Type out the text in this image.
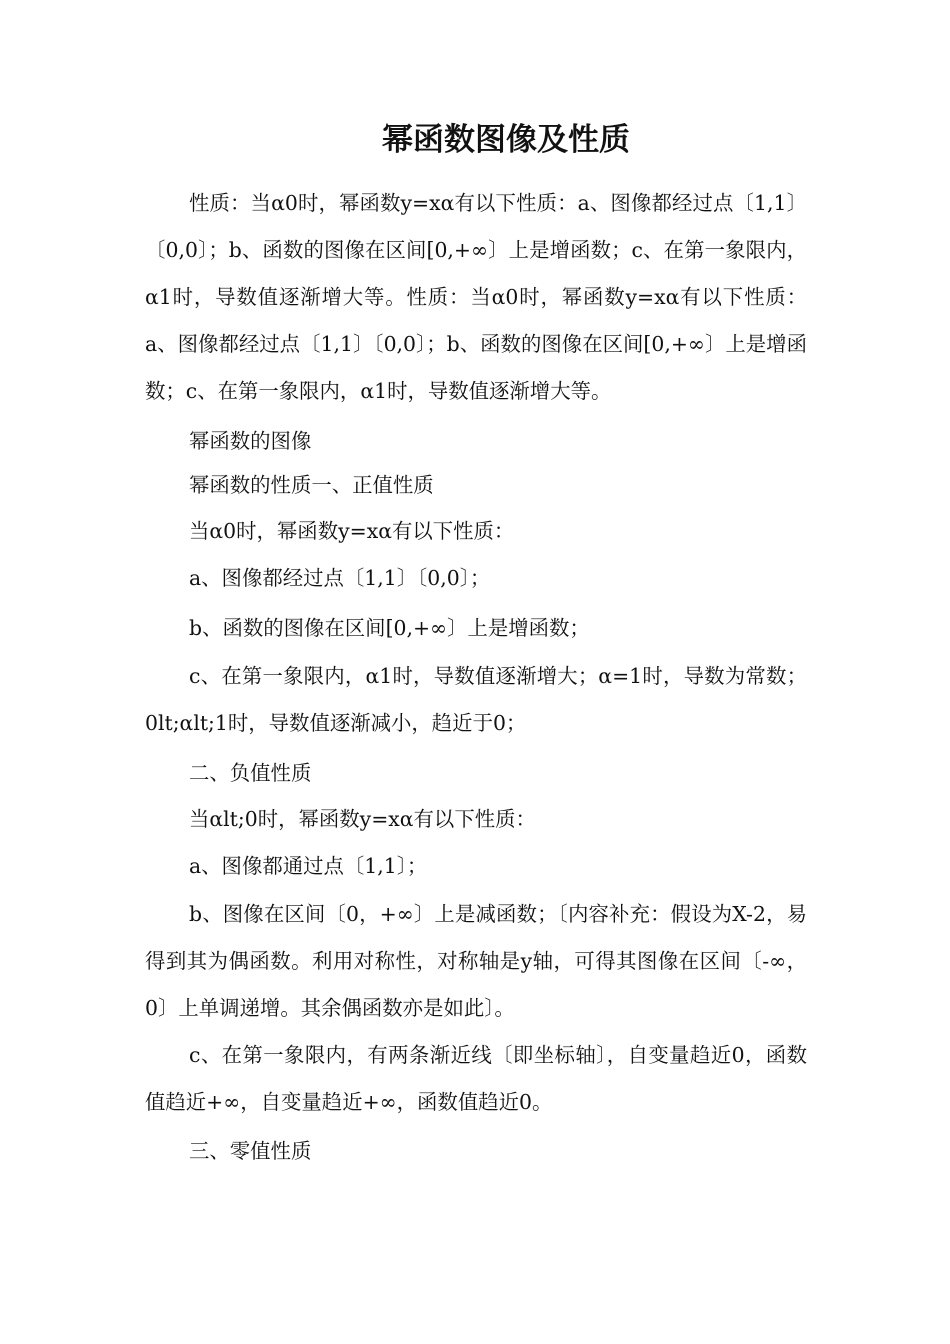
幂函数图像及性质

性质：当α0时，幂函数y=xα有以下性质：a、图像都经过点〔1,1〕〔0,0〕；b、函数的图像在区间[0,+∞〕上是增函数；c、在第一象限内，α1时，导数值逐渐增大等。性质：当α0时，幂函数y=xα有以下性质：a、图像都经过点〔1,1〕〔0,0〕；b、函数的图像在区间[0,+∞〕上是增函数；c、在第一象限内，α1时，导数值逐渐增大等。

幂函数的图像

幂函数的性质一、正值性质

当α0时，幂函数y=xα有以下性质：

a、图像都经过点〔1,1〕〔0,0〕；

b、函数的图像在区间[0,+∞〕上是增函数；

c、在第一象限内，α1时，导数值逐渐增大；α=1时，导数为常数；0lt;αlt;1时，导数值逐渐减小，趋近于0；

二、负值性质

当αlt;0时，幂函数y=xα有以下性质：

a、图像都通过点〔1,1〕；

b、图像在区间〔0，+∞〕上是减函数；〔内容补充：假设为X-2，易得到其为偶函数。利用对称性，对称轴是y轴，可得其图像在区间〔-∞，0〕上单调递增。其余偶函数亦是如此〕。

c、在第一象限内，有两条渐近线〔即坐标轴〕，自变量趋近0，函数值趋近+∞，自变量趋近+∞，函数值趋近0。

三、零值性质
